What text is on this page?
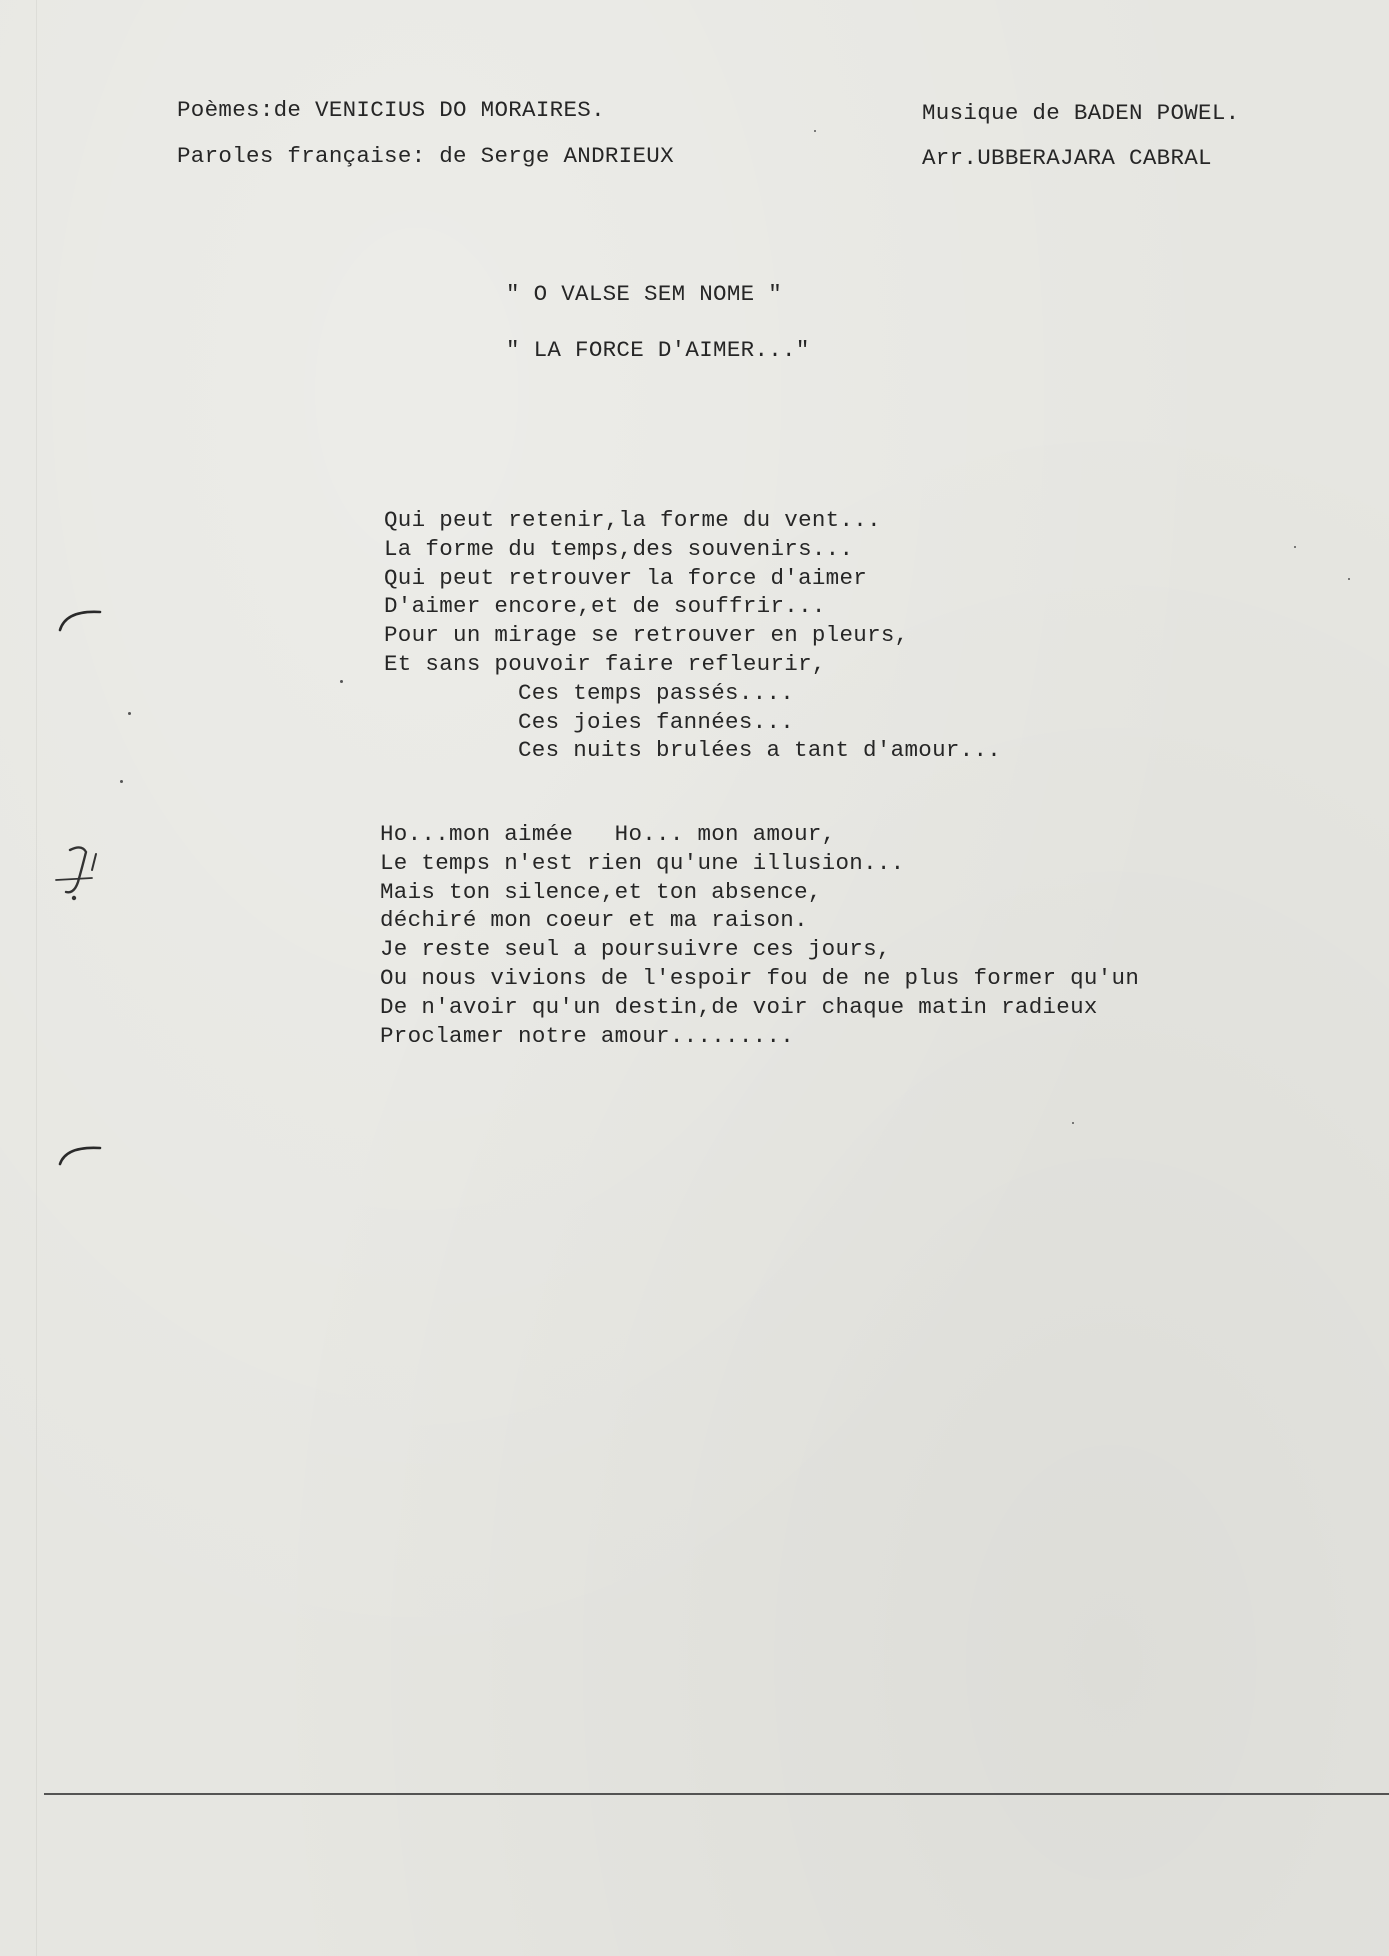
Poèmes:de VENICIUS DO MORAIRES.
Paroles française: de Serge ANDRIEUX
Musique de BADEN POWEL.
Arr.UBBERAJARA CABRAL
" O VALSE SEM NOME "
" LA FORCE D'AIMER..."
Qui peut retenir,la forme du vent...
La forme du temps,des souvenirs...
Qui peut retrouver la force d'aimer
D'aimer encore,et de souffrir...
Pour un mirage se retrouver en pleurs,
Et sans pouvoir faire refleurir,
Ces temps passés....
Ces joies fannées...
Ces nuits brulées a tant d'amour...
Ho...mon aimée   Ho... mon amour,
Le temps n'est rien qu'une illusion...
Mais ton silence,et ton absence,
déchiré mon coeur et ma raison.
Je reste seul a poursuivre ces jours,
Ou nous vivions de l'espoir fou de ne plus former qu'un
De n'avoir qu'un destin,de voir chaque matin radieux
Proclamer notre amour.........
